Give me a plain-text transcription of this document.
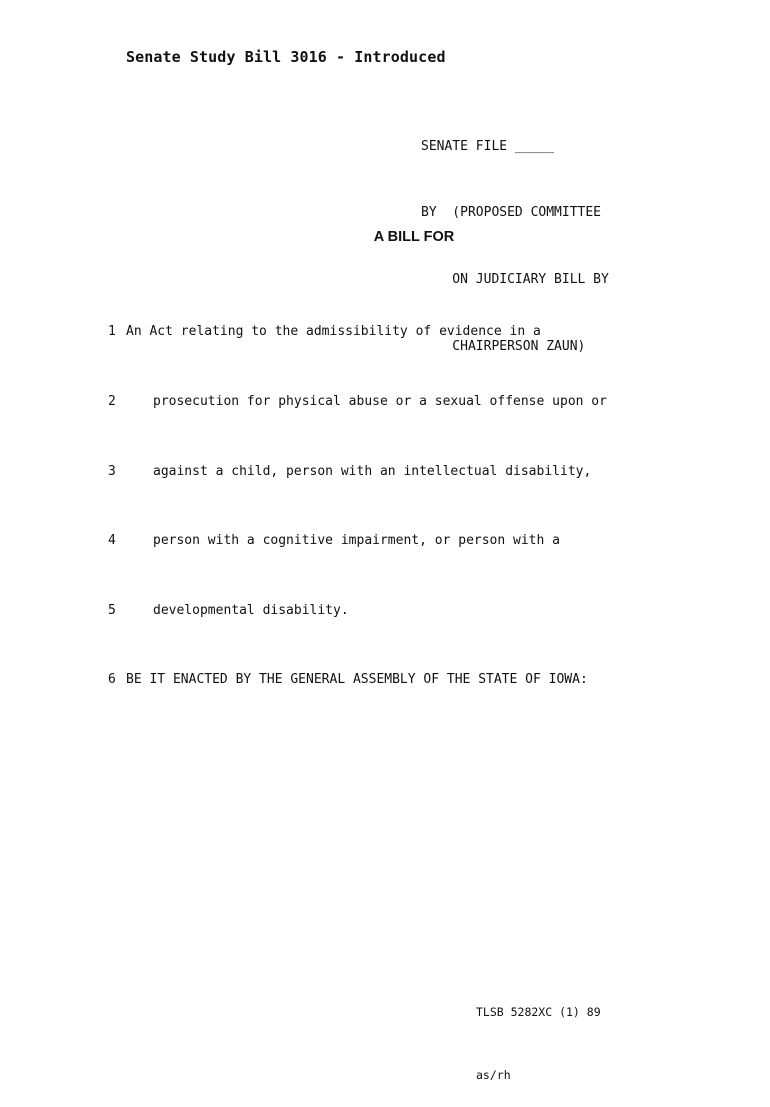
Senate Study Bill 3016 - Introduced

SENATE FILE _____

BY  (PROPOSED COMMITTEE

ON JUDICIARY BILL BY

CHAIRPERSON ZAUN)

A BILL FOR

1

An Act relating to the admissibility of evidence in a

2

	prosecution for physical abuse or a sexual offense upon or

3

	against a child, person with an intellectual disability,

4

	person with a cognitive impairment, or person with a

5

	developmental disability.

6

BE IT ENACTED BY THE GENERAL ASSEMBLY OF THE STATE OF IOWA:

TLSB 5282XC (1) 89

as/rh
